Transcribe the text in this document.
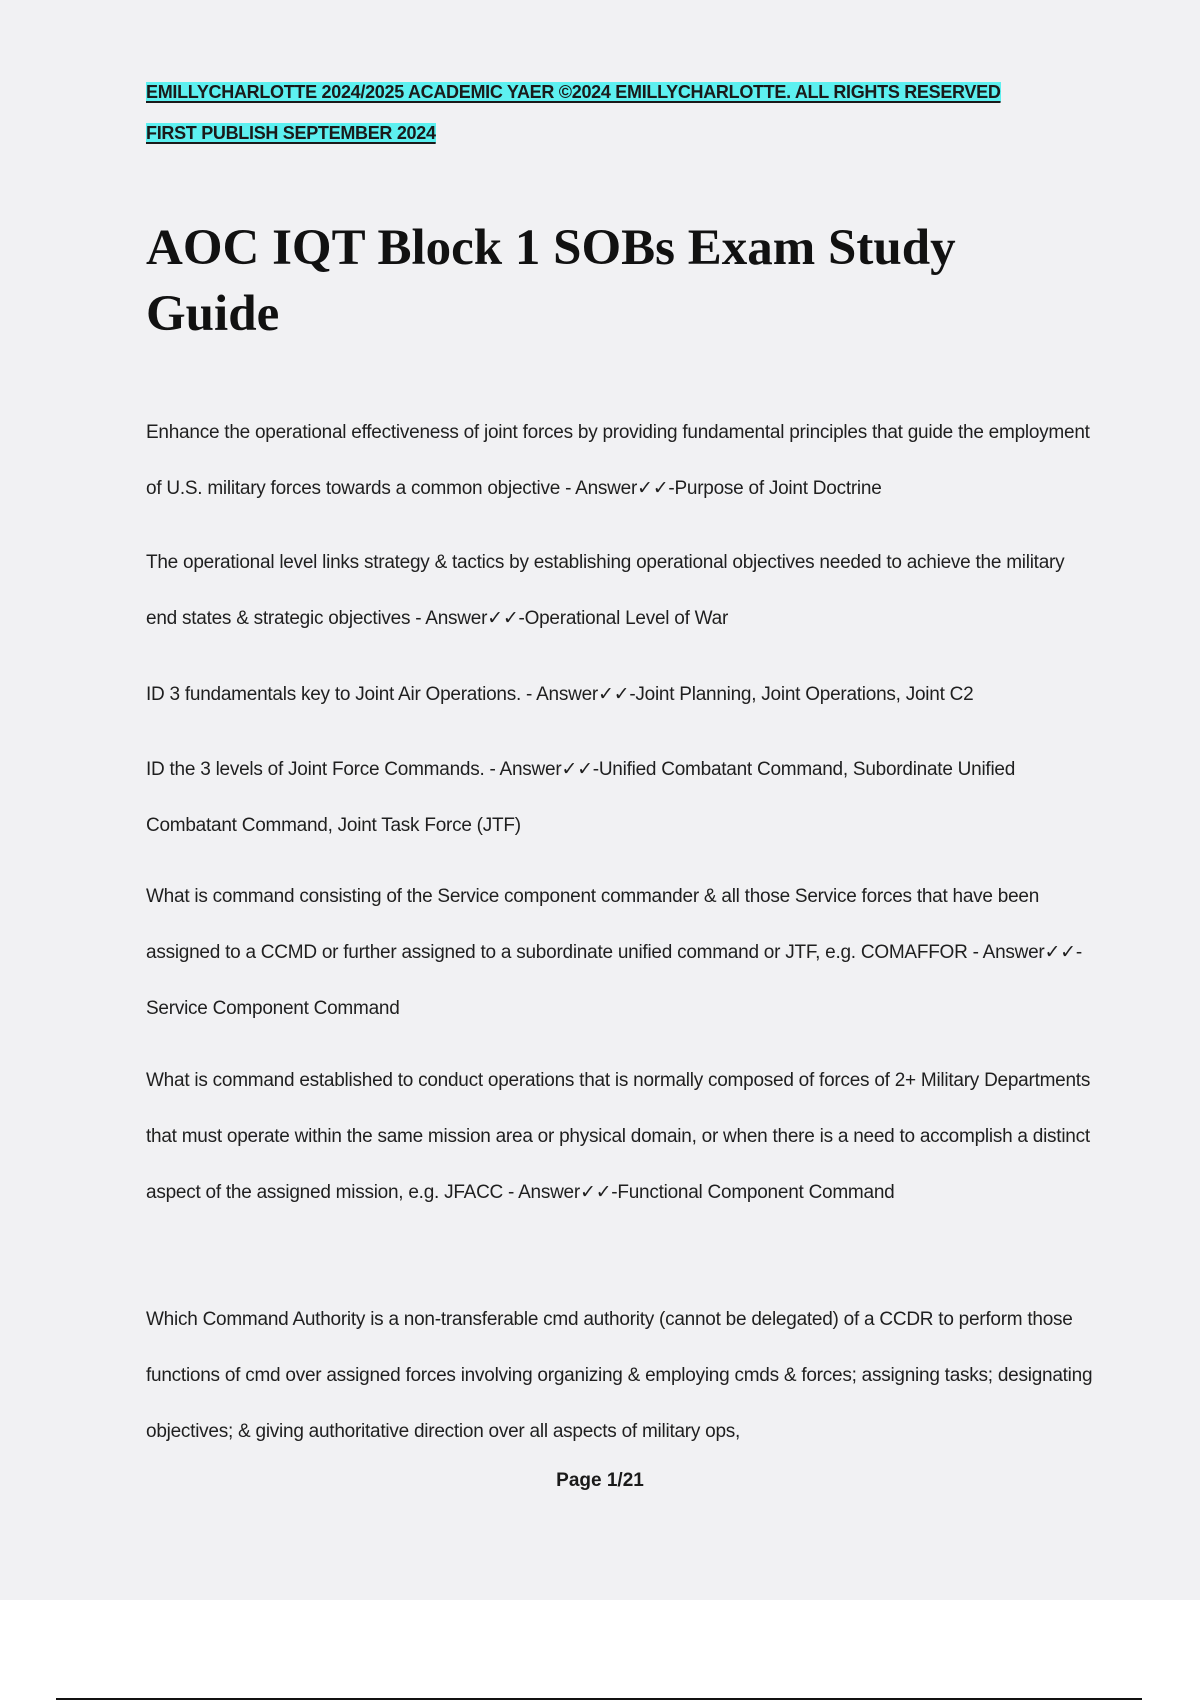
EMILLYCHARLOTTE 2024/2025 ACADEMIC YAER ©2024 EMILLYCHARLOTTE. ALL RIGHTS RESERVED
FIRST PUBLISH SEPTEMBER 2024
AOC IQT Block 1 SOBs Exam Study Guide
Enhance the operational effectiveness of joint forces by providing fundamental principles that guide the employment of U.S. military forces towards a common objective - Answer✓✓-Purpose of Joint Doctrine
The operational level links strategy & tactics by establishing operational objectives needed to achieve the military end states & strategic objectives - Answer✓✓-Operational Level of War
ID 3 fundamentals key to Joint Air Operations. - Answer✓✓-Joint Planning, Joint Operations, Joint C2
ID the 3 levels of Joint Force Commands. - Answer✓✓-Unified Combatant Command, Subordinate Unified Combatant Command, Joint Task Force (JTF)
What is command consisting of the Service component commander & all those Service forces that have been assigned to a CCMD or further assigned to a subordinate unified command or JTF, e.g. COMAFFOR - Answer✓✓-Service Component Command
What is command established to conduct operations that is normally composed of forces of 2+ Military Departments that must operate within the same mission area or physical domain, or when there is a need to accomplish a distinct aspect of the assigned mission, e.g. JFACC - Answer✓✓-Functional Component Command
Which Command Authority is a non-transferable cmd authority (cannot be delegated) of a CCDR to perform those functions of cmd over assigned forces involving organizing & employing cmds & forces; assigning tasks; designating objectives; & giving authoritative direction over all aspects of military ops,
Page 1/21
